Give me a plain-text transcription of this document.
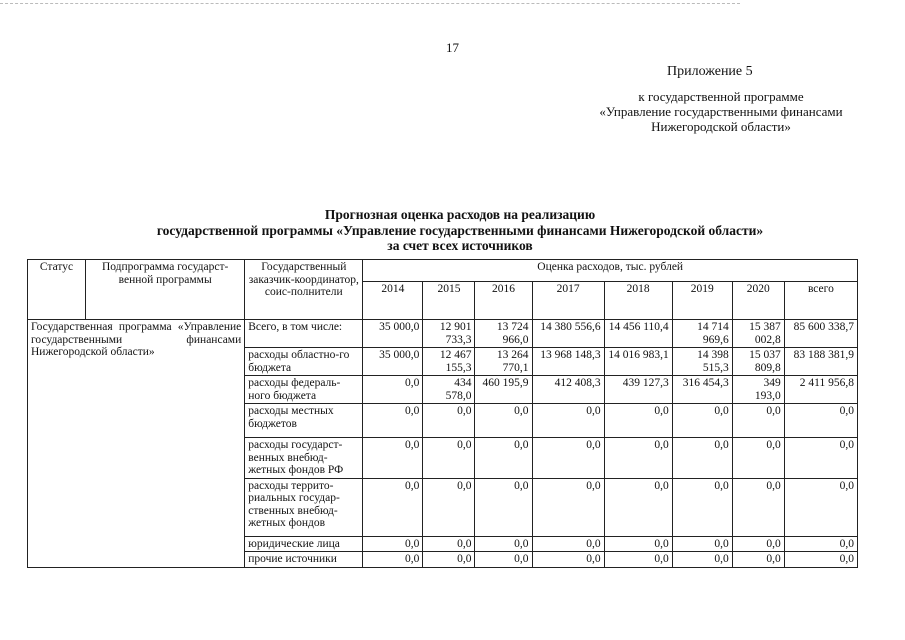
17
Приложение 5
к государственной программе
«Управление государственными финансами
Нижегородской области»
Прогнозная оценка расходов на реализацию
государственной программы «Управление государственными финансами Нижегородской области»
за счет всех источников
Статус	Подпрограмма государст-венной программы	Государственный заказчик-координатор, соис-полнители	Оценка расходов, тыс. рублей							
			2014	2015	2016	2017	2018	2019	2020	всего
Государственная программа «Управление государственными финансами Нижегородской области»		Всего, в том числе:	35 000,0	12 901 733,3	13 724 966,0	14 380 556,6	14 456 110,4	14 714 969,6	15 387 002,8	85 600 338,7
		расходы областно-го бюджета	35 000,0	12 467 155,3	13 264 770,1	13 968 148,3	14 016 983,1	14 398 515,3	15 037 809,8	83 188 381,9
		расходы федераль-ного бюджета	0,0	434 578,0	460 195,9	412 408,3	439 127,3	316 454,3	349 193,0	2 411 956,8
		расходы местных бюджетов	0,0	0,0	0,0	0,0	0,0	0,0	0,0	0,0
		расходы государст-венных внебюд-жетных фондов РФ	0,0	0,0	0,0	0,0	0,0	0,0	0,0	0,0
		расходы террито-риальных государ-ственных внебюд-жетных фондов	0,0	0,0	0,0	0,0	0,0	0,0	0,0	0,0
		юридические лица	0,0	0,0	0,0	0,0	0,0	0,0	0,0	0,0
		прочие источники	0,0	0,0	0,0	0,0	0,0	0,0	0,0	0,0
